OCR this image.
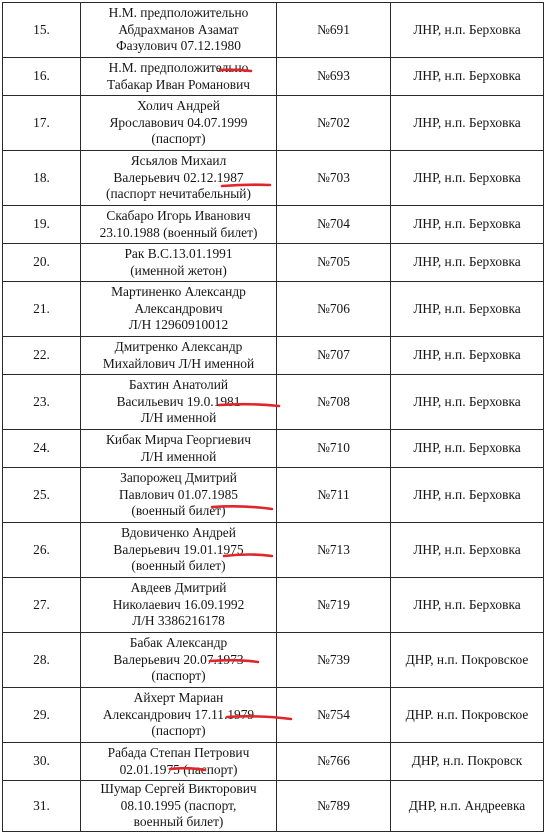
15.	Н.М. предположительно
Абдрахманов Азамат
Фазулович 07.12.1980	№691	ЛНР, н.п. Берховка
16.	Н.М. предположительно
Табакар Иван Романович	№693	ЛНР, н.п. Берховка
17.	Холич Андрей
Ярославович 04.07.1999
(паспорт)	№702	ЛНР, н.п. Берховка
18.	Ясьялов Михаил
Валерьевич 02.12.1987
(паспорт нечитабельный)	№703	ЛНР, н.п. Берховка
19.	Скабаро Игорь Иванович
23.10.1988 (военный билет)	№704	ЛНР, н.п. Берховка
20.	Рак В.С.13.01.1991
(именной жетон)	№705	ЛНР, н.п. Берховка
21.	Мартиненко Александр
Александрович
Л/Н 12960910012	№706	ЛНР, н.п. Берховка
22.	Дмитренко Александр
Михайлович Л/Н именной	№707	ЛНР, н.п. Берховка
23.	Бахтин Анатолий
Васильевич 19.0.1981
Л/Н именной	№708	ЛНР, н.п. Берховка
24.	Кибак Мирча Георгиевич
Л/Н именной	№710	ЛНР, н.п. Берховка
25.	Запорожец Дмитрий
Павлович 01.07.1985
(военный билет)	№711	ЛНР, н.п. Берховка
26.	Вдовиченко Андрей
Валерьевич 19.01.1975
(военный билет)	№713	ЛНР, н.п. Берховка
27.	Авдеев Дмитрий
Николаевич 16.09.1992
Л/Н 3386216178	№719	ЛНР, н.п. Берховка
28.	Бабак Александр
Валерьевич 20.07.1973
(паспорт)	№739	ДНР, н.п. Покровское
29.	Айхерт Мариан
Александрович 17.11.1979
(паспорт)	№754	ДНР. н.п. Покровское
30.	Рабада Степан Петрович
02.01.1975 (паспорт)	№766	ДНР, н.п. Покровск
31.	Шумар Сергей Викторович
08.10.1995 (паспорт,
военный билет)	№789	ДНР, н.п. Андреевка
